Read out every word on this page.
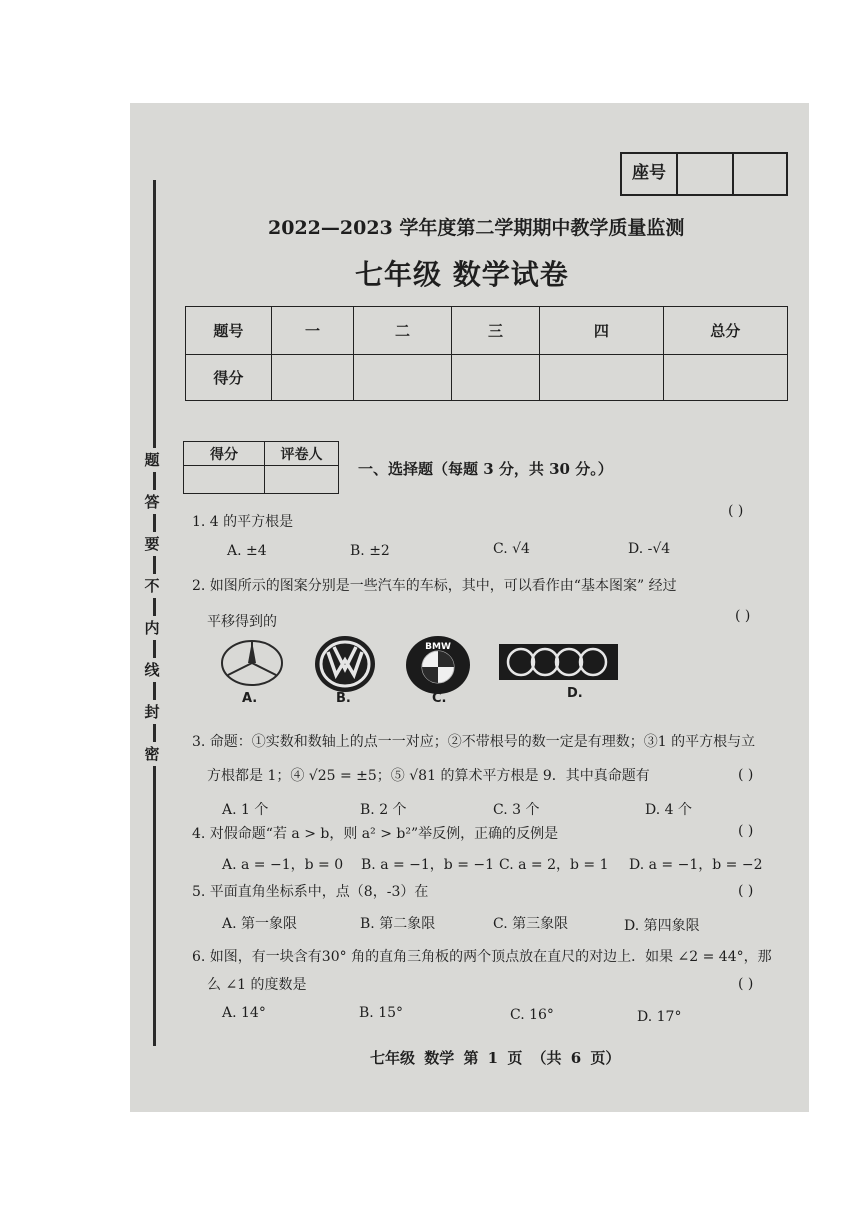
题
答
要
不
内
线
封
密
座号
2022—2023 学年度第二学期期中教学质量监测
七年级 数学试卷
题号	一	二	三	四	总分
得分					
得分	评卷人

一、选择题（每题 3 分，共 30 分。）
1. 4 的平方根是
( )
A. ±4	B. ±2	C. √4	D. -√4
2. 如图所示的图案分别是一些汽车的车标，其中，可以看作由“基本图案” 经过
平移得到的	( )
BMW
A.	B.	C.	D.
3. 命题：①实数和数轴上的点一一对应；②不带根号的数一定是有理数；③1 的平方根与立
方根都是 1；④ √25 = ±5；⑤ √81 的算术平方根是 9．其中真命题有	( )
A. 1 个	B. 2 个	C. 3 个	D. 4 个
4. 对假命题“若 a > b，则 a² > b²”举反例，正确的反例是	( )
A. a = −1，b = 0 B. a = −1，b = −1 C. a = 2，b = 1 D. a = −1，b = −2
5. 平面直角坐标系中，点（8，-3）在	( )
A. 第一象限	B. 第二象限	C. 第三象限	D. 第四象限
6. 如图，有一块含有30° 角的直角三角板的两个顶点放在直尺的对边上．如果 ∠2 = 44°，那
么 ∠1 的度数是	( )
A. 14°	B. 15°	C. 16°	D. 17°
七年级 数学 第 1 页 （共 6 页）
